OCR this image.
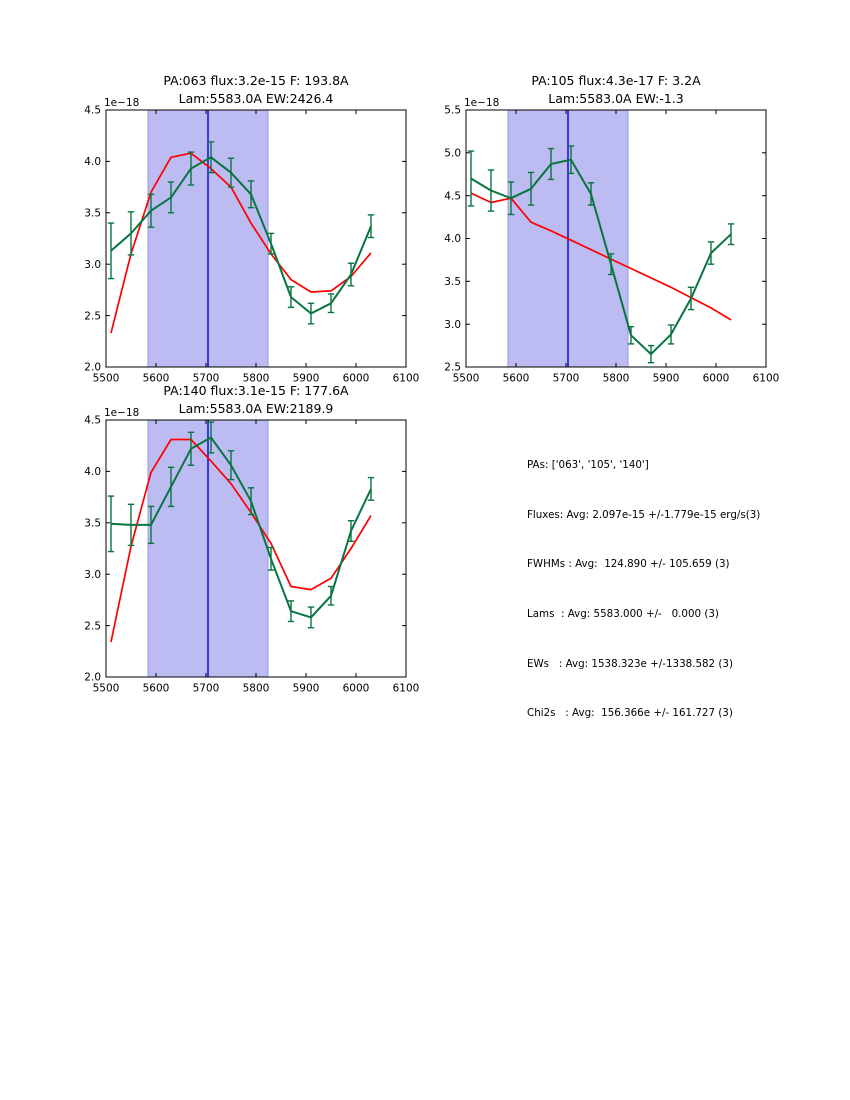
5500 5600 5700 5800 5900 6000 6100
2.0
2.5
3.0
3.5
4.0
4.5
1e−18
PA:063 flux:3.2e-15 F: 193.8A
Lam:5583.0A EW:2426.4
5500 5600 5700 5800 5900 6000 6100
2.5
3.0
3.5
4.0
4.5
5.0
5.5
1e−18
PA:105 flux:4.3e-17 F: 3.2A
Lam:5583.0A EW:-1.3
5500 5600 5700 5800 5900 6000 6100
2.0
2.5
3.0
3.5
4.0
4.5
1e−18
PA:140 flux:3.1e-15 F: 177.6A
Lam:5583.0A EW:2189.9

PAs: ['063', '105', '140']

Fluxes: Avg: 2.097e-15 +/-1.779e-15 erg/s(3)

FWHMs : Avg:  124.890 +/- 105.659 (3)

Lams  : Avg: 5583.000 +/-   0.000 (3)

EWs   : Avg: 1538.323e +/-1338.582 (3)

Chi2s   : Avg:  156.366e +/- 161.727 (3)
